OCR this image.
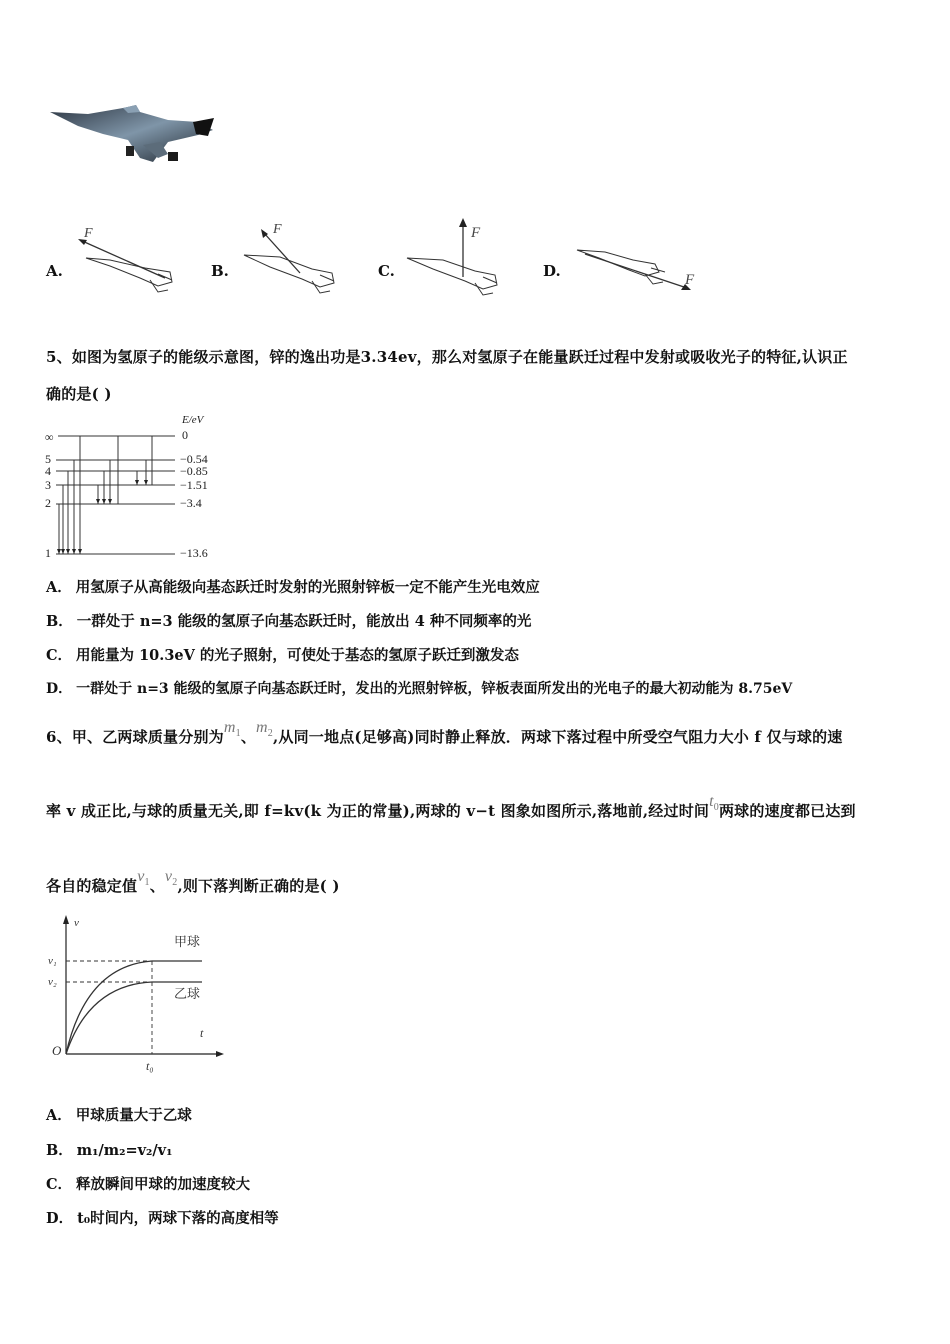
A.
F
B.
F
C.
F
D.	F
5、如图为氢原子的能级示意图，锌的逸出功是3.34ev，那么对氢原子在能量跃迁过程中发射或吸收光子的特征,认识正
确的是( )
E/eV
∞
5
4
3
2
1
0
−0.54
−0.85
−1.51
−3.4
−13.6
A． 用氢原子从高能级向基态跃迁时发射的光照射锌板一定不能产生光电效应
B． 一群处于 n=3 能级的氢原子向基态跃迁时，能放出 4 种不同频率的光
C． 用能量为 10.3eV 的光子照射，可使处于基态的氢原子跃迁到激发态
D． 一群处于 n=3 能级的氢原子向基态跃迁时，发出的光照射锌板，锌板表面所发出的光电子的最大初动能为 8.75eV
6、甲、乙两球质量分别为$m_1$、$m_2$,从同一地点(足够高)同时静止释放．两球下落过程中所受空气阻力大小 f 仅与球的速
率 v 成正比,与球的质量无关,即 f=kv(k 为正的常量),两球的 v−t 图象如图所示,落地前,经过时间$t_0$两球的速度都已达到
各自的稳定值$v_1$、$v_2$,则下落判断正确的是( )
v
t
O
v₁
v₂
t₀
甲球
乙球
A． 甲球质量大于乙球
B． m₁/m₂=v₂/v₁
C． 释放瞬间甲球的加速度较大
D． t₀时间内，两球下落的高度相等
